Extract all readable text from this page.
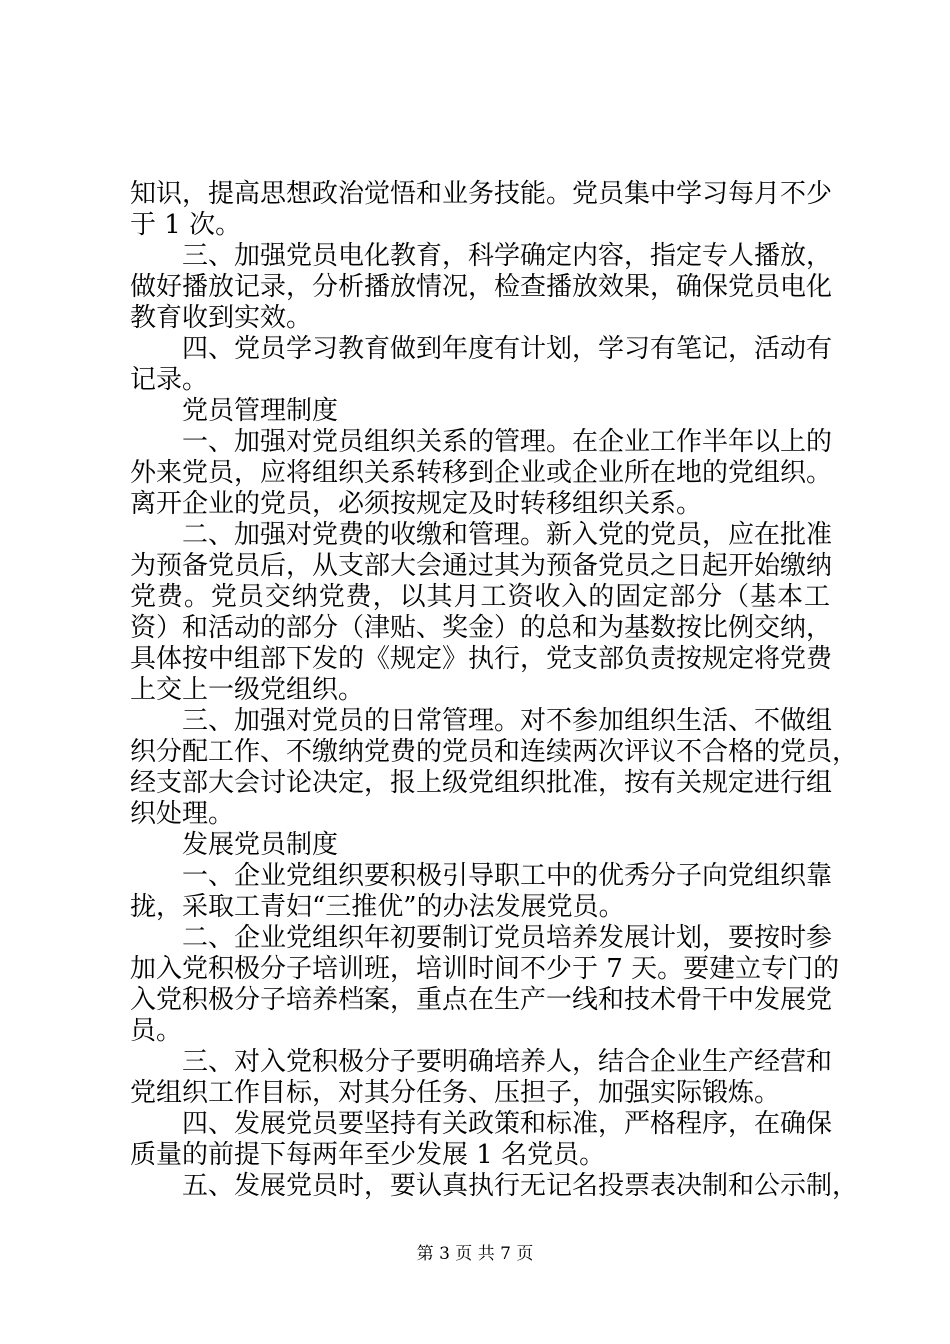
知识，提高思想政治觉悟和业务技能。党员集中学习每月不少
于 1 次。
　　三、加强党员电化教育，科学确定内容，指定专人播放，
做好播放记录，分析播放情况，检查播放效果，确保党员电化
教育收到实效。
　　四、党员学习教育做到年度有计划，学习有笔记，活动有
记录。
　　党员管理制度
　　一、加强对党员组织关系的管理。在企业工作半年以上的
外来党员，应将组织关系转移到企业或企业所在地的党组织。
离开企业的党员，必须按规定及时转移组织关系。
　　二、加强对党费的收缴和管理。新入党的党员，应在批准
为预备党员后，从支部大会通过其为预备党员之日起开始缴纳
党费。党员交纳党费，以其月工资收入的固定部分（基本工
资）和活动的部分（津贴、奖金）的总和为基数按比例交纳，
具体按中组部下发的《规定》执行，党支部负责按规定将党费
上交上一级党组织。
　　三、加强对党员的日常管理。对不参加组织生活、不做组
织分配工作、不缴纳党费的党员和连续两次评议不合格的党员，
经支部大会讨论决定，报上级党组织批准，按有关规定进行组
织处理。
　　发展党员制度
　　一、企业党组织要积极引导职工中的优秀分子向党组织靠
拢，采取工青妇“三推优”的办法发展党员。
　　二、企业党组织年初要制订党员培养发展计划，要按时参
加入党积极分子培训班，培训时间不少于 7 天。要建立专门的
入党积极分子培养档案，重点在生产一线和技术骨干中发展党
员。
　　三、对入党积极分子要明确培养人，结合企业生产经营和
党组织工作目标，对其分任务、压担子，加强实际锻炼。
　　四、发展党员要坚持有关政策和标准，严格程序，在确保
质量的前提下每两年至少发展 1 名党员。
　　五、发展党员时，要认真执行无记名投票表决制和公示制，
第 3 页 共 7 页
